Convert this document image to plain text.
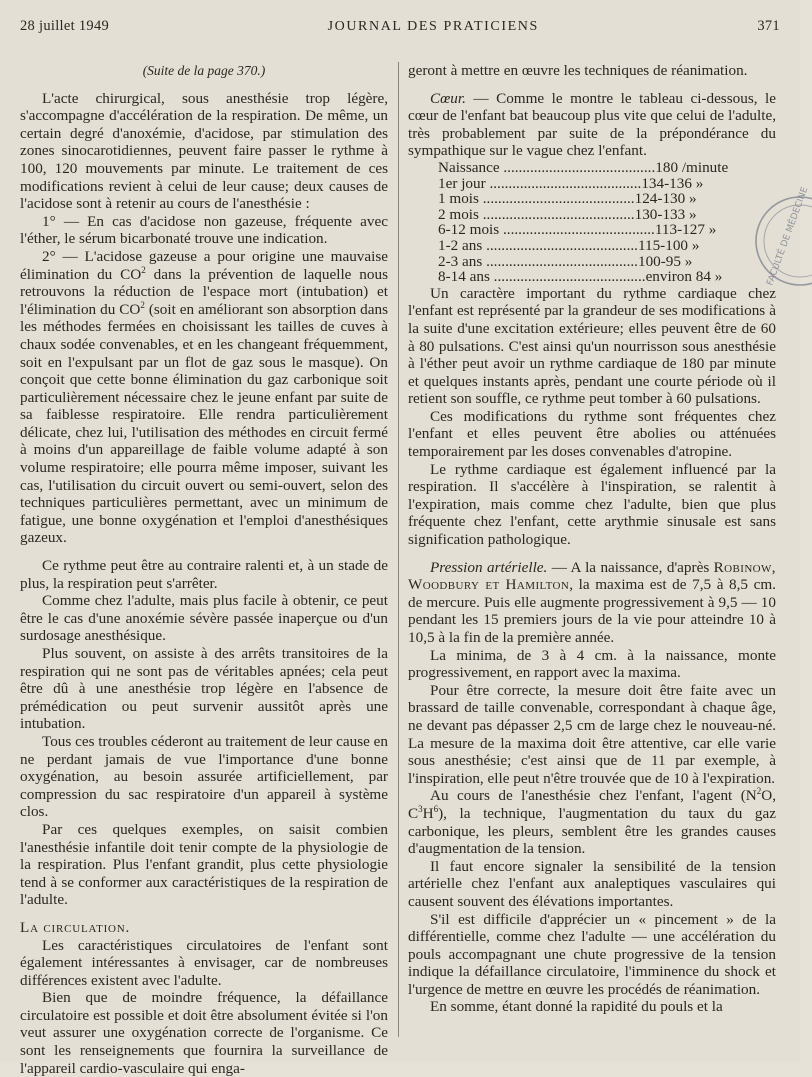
28 juillet 1949	JOURNAL DES PRATICIENS	371

(Suite de la page 370.)

L'acte chirurgical, sous anesthésie trop légère, s'accompagne d'accélération de la respiration. De même, un certain degré d'anoxémie, d'acidose, par stimulation des zones sinocarotidiennes, peuvent faire passer le rythme à 100, 120 mouvements par minute. Le traitement de ces modifications revient à celui de leur cause; deux causes de l'acidose sont à retenir au cours de l'anesthésie :

1° — En cas d'acidose non gazeuse, fréquente avec l'éther, le sérum bicarbonaté trouve une indication.

2° — L'acidose gazeuse a pour origine une mauvaise élimination du $CO^2$ dans la prévention de laquelle nous retrouvons la réduction de l'espace mort (intubation) et l'élimination du $CO^2$ (soit en améliorant son absorption dans les méthodes fermées en choisissant les tailles de cuves à chaux sodée convenables, et en les changeant fréquemment, soit en l'expulsant par un flot de gaz sous le masque). On conçoit que cette bonne élimination du gaz carbonique soit particulièrement nécessaire chez le jeune enfant par suite de sa faiblesse respiratoire. Elle rendra particulièrement délicate, chez lui, l'utilisation des méthodes en circuit fermé à moins d'un appareillage de faible volume adapté à son volume respiratoire; elle pourra même imposer, suivant les cas, l'utilisation du circuit ouvert ou semi-ouvert, selon des techniques particulières permettant, avec un minimum de fatigue, une bonne oxygénation et l'emploi d'anesthésiques gazeux.

Ce rythme peut être au contraire ralenti et, à un stade de plus, la respiration peut s'arrêter.

Comme chez l'adulte, mais plus facile à obtenir, ce peut être le cas d'une anoxémie sévère passée inaperçue ou d'un surdosage anesthésique.

Plus souvent, on assiste à des arrêts transitoires de la respiration qui ne sont pas de véritables apnées; cela peut être dû à une anesthésie trop légère en l'absence de prémédication ou peut survenir aussitôt après une intubation.

Tous ces troubles céderont au traitement de leur cause en ne perdant jamais de vue l'importance d'une bonne oxygénation, au besoin assurée artificiellement, par compression du sac respiratoire d'un appareil à système clos.

Par ces quelques exemples, on saisit combien l'anesthésie infantile doit tenir compte de la physiologie de la respiration. Plus l'enfant grandit, plus cette physiologie tend à se conformer aux caractéristiques de la respiration de l'adulte.

La circulation.

Les caractéristiques circulatoires de l'enfant sont également intéressantes à envisager, car de nombreuses différences existent avec l'adulte.

Bien que de moindre fréquence, la défaillance circulatoire est possible et doit être absolument évitée si l'on veut assurer une oxygénation correcte de l'organisme. Ce sont les renseignements que fournira la surveillance de l'appareil cardio-vasculaire qui enga-

geront à mettre en œuvre les techniques de réanimation.

Cœur. — Comme le montre le tableau ci-dessous, le cœur de l'enfant bat beaucoup plus vite que celui de l'adulte, très probablement par suite de la prépondérance du sympathique sur le vague chez l'enfant.

Naissance ........................................ 180 /minute
1er jour ........................................ 134-136 »
1 mois ........................................ 124-130 »
2 mois ........................................ 130-133 »
6-12 mois ........................................ 113-127 »
1-2 ans ........................................ 115-100 »
2-3 ans ........................................ 100-95 »
8-14 ans ........................................ environ 84 »

Un caractère important du rythme cardiaque chez l'enfant est représenté par la grandeur de ses modifications à la suite d'une excitation extérieure; elles peuvent être de 60 à 80 pulsations. C'est ainsi qu'un nourrisson sous anesthésie à l'éther peut avoir un rythme cardiaque de 180 par minute et quelques instants après, pendant une courte période où il retient son souffle, ce rythme peut tomber à 60 pulsations.

Ces modifications du rythme sont fréquentes chez l'enfant et elles peuvent être abolies ou atténuées temporairement par les doses convenables d'atropine.

Le rythme cardiaque est également influencé par la respiration. Il s'accélère à l'inspiration, se ralentit à l'expiration, mais comme chez l'adulte, bien que plus fréquente chez l'enfant, cette arythmie sinusale est sans signification pathologique.

Pression artérielle. — A la naissance, d'après Robinow, Woodbury et Hamilton, la maxima est de 7,5 à 8,5 cm. de mercure. Puis elle augmente progressivement à 9,5 — 10 pendant les 15 premiers jours de la vie pour atteindre 10 à 10,5 à la fin de la première année.

La minima, de 3 à 4 cm. à la naissance, monte progressivement, en rapport avec la maxima.

Pour être correcte, la mesure doit être faite avec un brassard de taille convenable, correspondant à chaque âge, ne devant pas dépasser 2,5 cm de large chez le nouveau-né. La mesure de la maxima doit être attentive, car elle varie sous anesthésie; c'est ainsi que de 11 par exemple, à l'inspiration, elle peut n'être trouvée que de 10 à l'expiration.

Au cours de l'anesthésie chez l'enfant, l'agent ($N^2O$, $C^3H^6$), la technique, l'augmentation du taux du gaz carbonique, les pleurs, semblent être les grandes causes d'augmentation de la tension.

Il faut encore signaler la sensibilité de la tension artérielle chez l'enfant aux analeptiques vasculaires qui causent souvent des élévations importantes.

S'il est difficile d'apprécier un « pincement » de la différentielle, comme chez l'adulte — une accélération du pouls accompagnant une chute progressive de la tension indique la défaillance circulatoire, l'imminence du shock et l'urgence de mettre en œuvre les procédés de réanimation.

En somme, étant donné la rapidité du pouls et la

FACULTÉ DE MÉDECINE
